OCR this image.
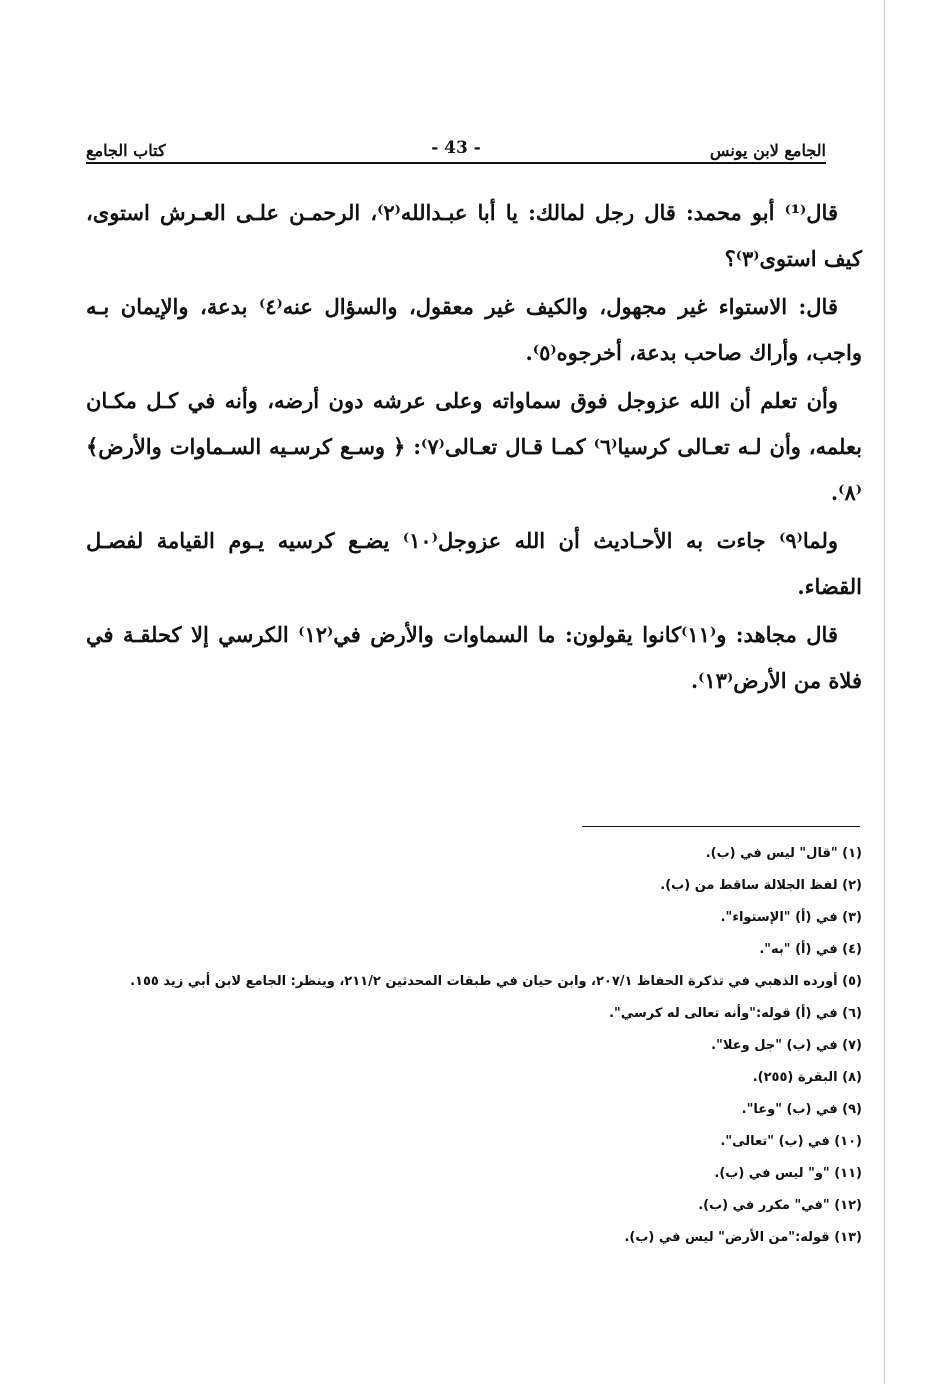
كتاب الجامع	- 43 -	الجامع لابن يونس

قال⁽¹⁾ أبو محمد: قال رجل لمالك: يا أبا عبـدالله⁽٢⁾، الرحمـن علـى العـرش استوى، كيف استوى⁽٣⁾؟

قال: الاستواء غير مجهول، والكيف غير معقول، والسؤال عنه⁽٤⁾ بدعة، والإيمان بـه واجب، وأراك صاحب بدعة، أخرجوه⁽٥⁾.

وأن تعلم أن الله عزوجل فوق سماواته وعلى عرشه دون أرضه، وأنه في كـل مكـان بعلمه، وأن لـه تعـالى كرسيا⁽٦⁾ كمـا قـال تعـالى⁽٧⁾: ﴿ وسـع كرسـيه السـماوات والأرض﴾⁽٨⁾.

ولما⁽٩⁾ جاءت به الأحـاديث أن الله عزوجل⁽١٠⁾ يضـع كرسيه يـوم القيامة لفصـل القضاء.

قال مجاهد: و⁽١١⁾كانوا يقولون: ما السماوات والأرض في⁽١٢⁾ الكرسي إلا كحلقـة في فلاة من الأرض⁽١٣⁾.

(١) "قال" ليس في (ب).

(٢) لفظ الجلالة ساقط من (ب).

(٣) في (أ) "الإستواء".

(٤) في (أ) "به".

(٥) أورده الذهبي في تذكرة الحفاظ ٢٠٧/١، وابن حيان في طبقات المحدثين ٢١١/٢، وينظر: الجامع لابن أبي زيد ١٥٥.

(٦) في (أ) قوله:"وأنه تعالى له كرسي".

(٧) في (ب) "جل وعلا".

(٨) البقرة (٢٥٥).

(٩) في (ب) "وعا".

(١٠) في (ب) "تعالى".

(١١) "و" ليس في (ب).

(١٢) "في" مكرر في (ب).

(١٣) قوله:"من الأرض" ليس في (ب).
